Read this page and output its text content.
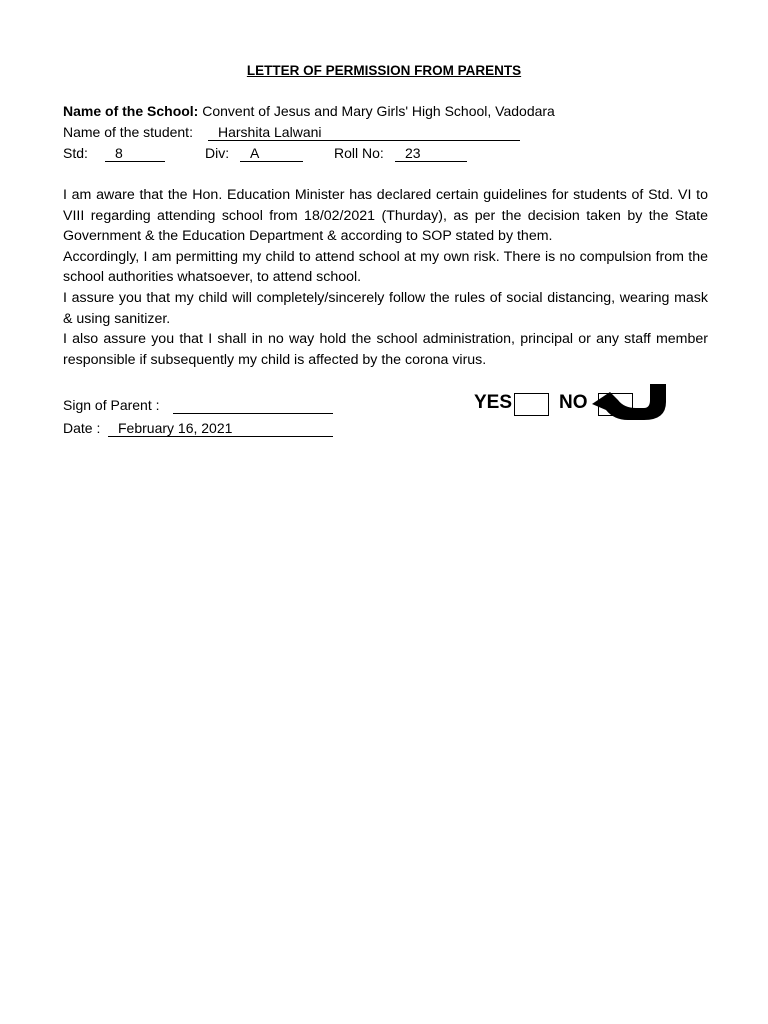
LETTER OF PERMISSION FROM PARENTS
Name of the School: Convent of Jesus and Mary Girls' High School, Vadodara
Name of the student:	Harshita Lalwani
Std:	8	Div:	A	Roll No:	23

I am aware that the Hon. Education Minister has declared certain guidelines for students of Std. VI to VIII regarding attending school from 18/02/2021 (Thurday), as per the decision taken by the State Government & the Education Department & according to SOP stated by them.

Accordingly, I am permitting my child to attend school at my own risk. There is no compulsion from the school authorities whatsoever, to attend school.

I assure you that my child will completely/sincerely follow the rules of social distancing, wearing mask & using sanitizer.

I also assure you that I shall in no way hold the school administration, principal or any staff member responsible if subsequently my child is affected by the corona virus.

Sign of Parent :
Date :	February 16, 2021
YES NO
